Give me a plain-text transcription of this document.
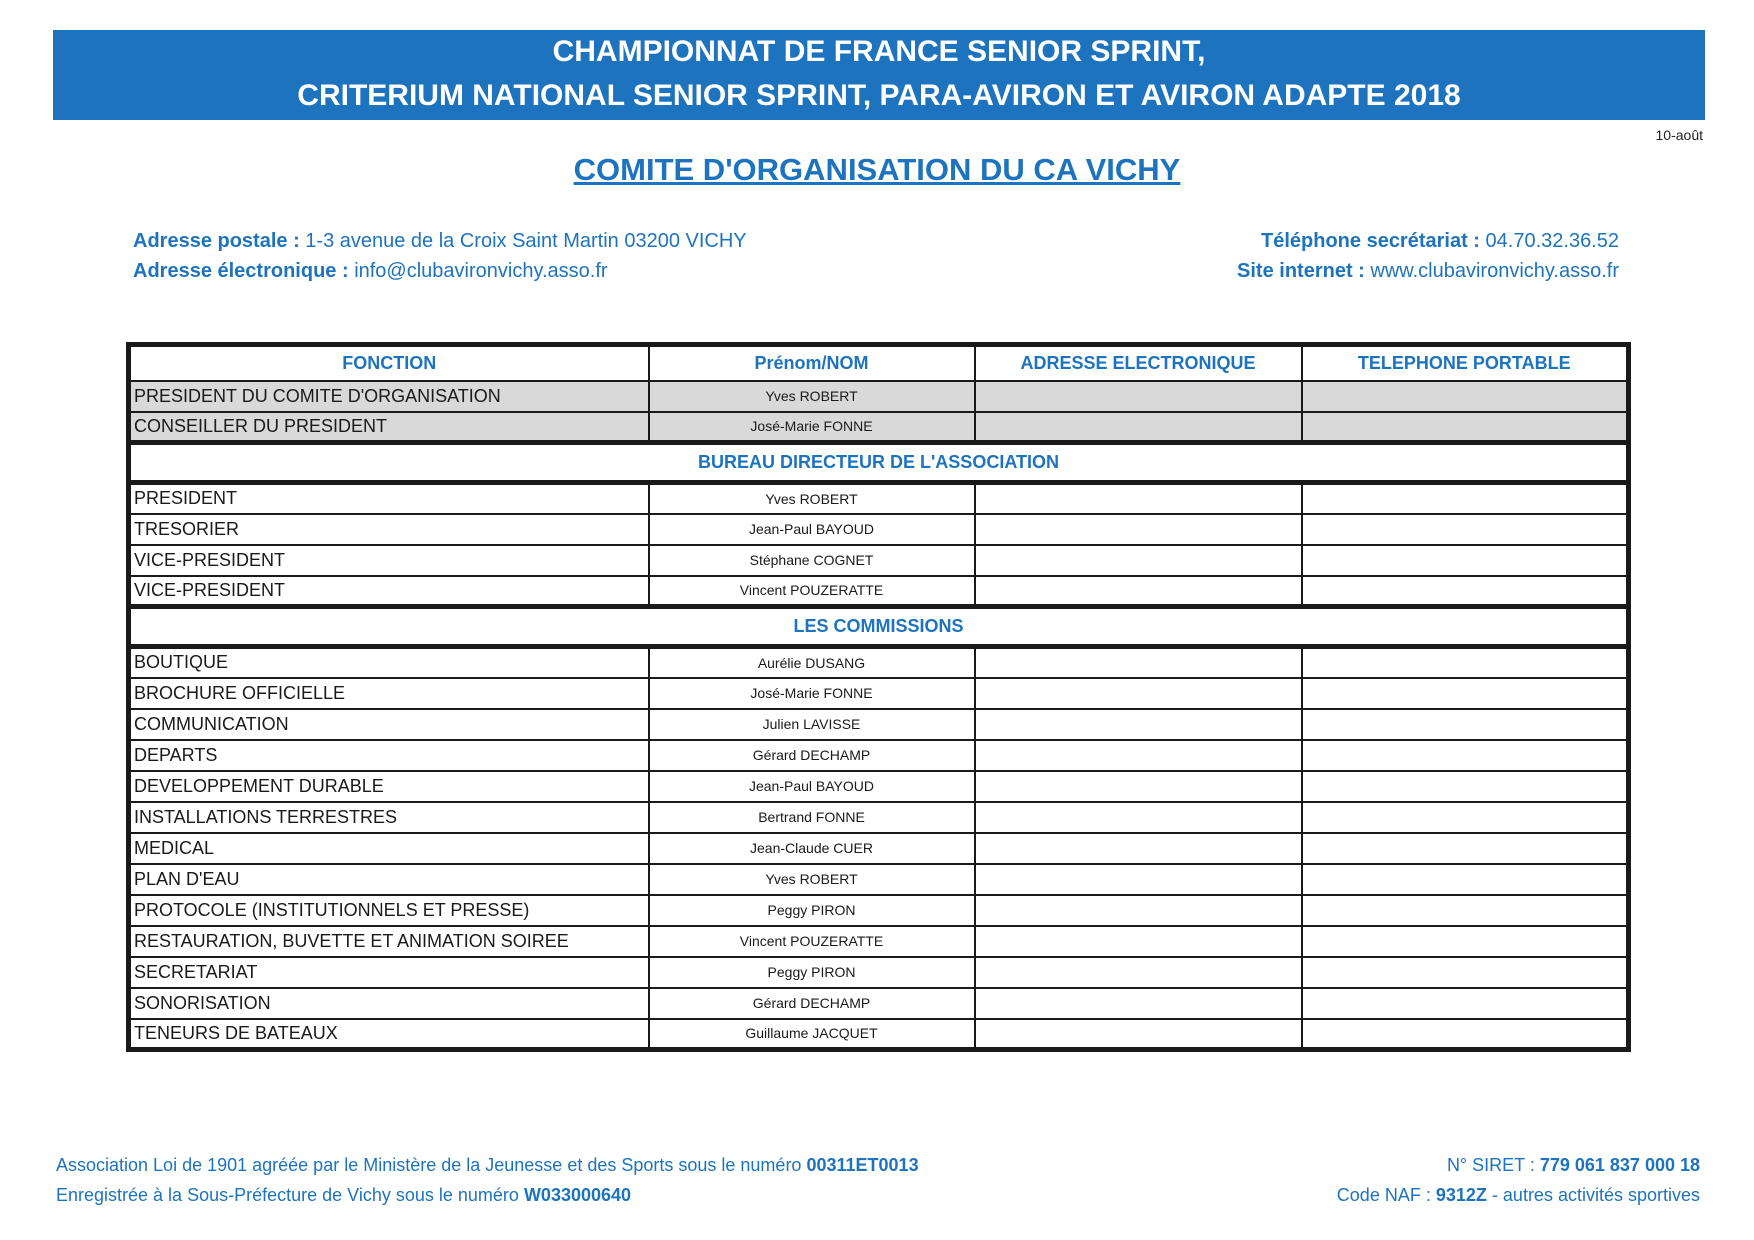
CHAMPIONNAT DE FRANCE SENIOR SPRINT,
CRITERIUM NATIONAL SENIOR SPRINT, PARA-AVIRON ET AVIRON ADAPTE 2018
10-août
COMITE D'ORGANISATION DU CA VICHY
Adresse postale : 1-3 avenue de la Croix Saint Martin 03200 VICHY
Adresse électronique : info@clubavironvichy.asso.fr
Téléphone secrétariat : 04.70.32.36.52
Site internet : www.clubavironvichy.asso.fr
FONCTION	Prénom/NOM	ADRESSE ELECTRONIQUE	TELEPHONE PORTABLE
PRESIDENT DU COMITE D'ORGANISATION	Yves ROBERT		
CONSEILLER DU PRESIDENT	José-Marie FONNE		
BUREAU DIRECTEUR DE L'ASSOCIATION			
PRESIDENT	Yves ROBERT		
TRESORIER	Jean-Paul BAYOUD		
VICE-PRESIDENT	Stéphane COGNET		
VICE-PRESIDENT	Vincent POUZERATTE		
LES COMMISSIONS			
BOUTIQUE	Aurélie DUSANG		
BROCHURE OFFICIELLE	José-Marie FONNE		
COMMUNICATION	Julien LAVISSE		
DEPARTS	Gérard DECHAMP		
DEVELOPPEMENT DURABLE	Jean-Paul BAYOUD		
INSTALLATIONS TERRESTRES	Bertrand FONNE		
MEDICAL	Jean-Claude CUER		
PLAN D'EAU	Yves ROBERT		
PROTOCOLE (INSTITUTIONNELS ET PRESSE)	Peggy PIRON		
RESTAURATION, BUVETTE ET ANIMATION SOIREE	Vincent POUZERATTE		
SECRETARIAT	Peggy PIRON		
SONORISATION	Gérard DECHAMP		
TENEURS DE BATEAUX	Guillaume JACQUET		
Association Loi de 1901 agréée par le Ministère de la Jeunesse et des Sports sous le numéro 00311ET0013
Enregistrée à la Sous-Préfecture de Vichy sous le numéro W033000640
N° SIRET : 779 061 837 000 18
Code NAF : 9312Z - autres activités sportives
